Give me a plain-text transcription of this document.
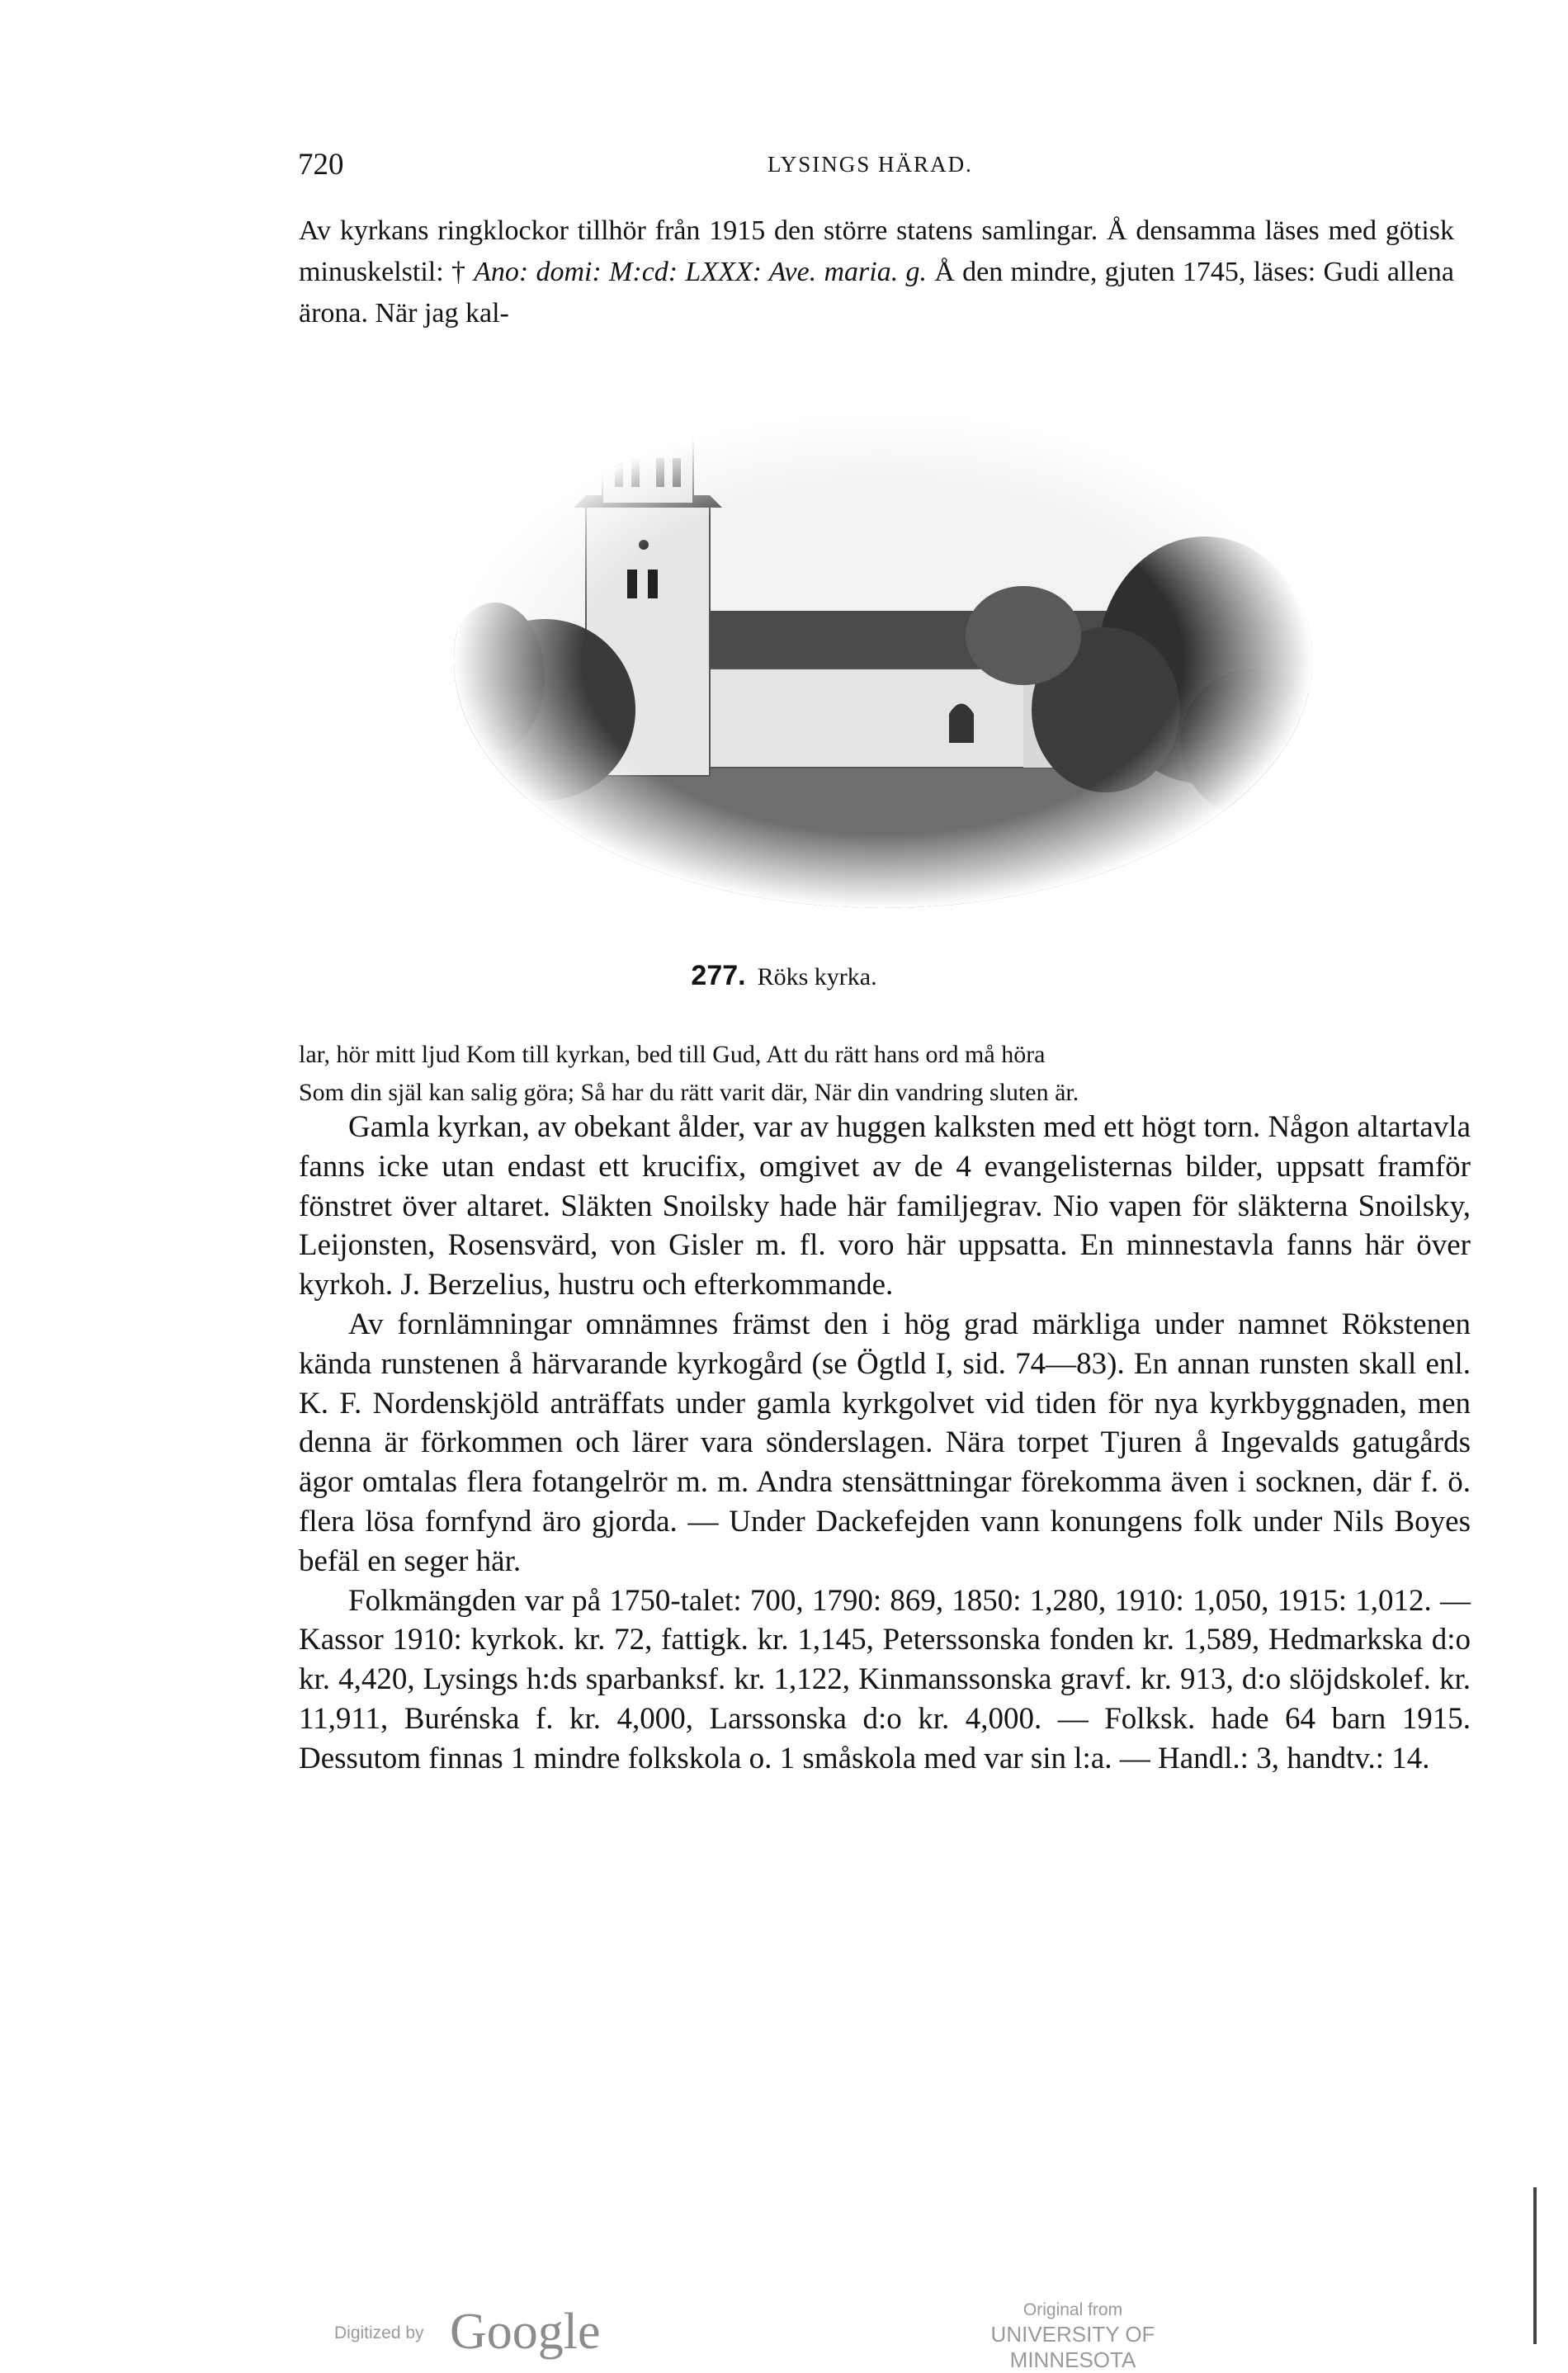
720	LYSINGS HÄRAD.

Av kyrkans ringklockor tillhör från 1915 den större statens samlingar. Å densamma läses med götisk minuskelstil: † Ano: domi: M:cd: LXXX: Ave. maria. g. Å den mindre, gjuten 1745, läses: Gudi allena ärona. När jag kal-

277. Röks kyrka.

lar, hör mitt ljud Kom till kyrkan, bed till Gud, Att du rätt hans ord må höra

Som din själ kan salig göra; Så har du rätt varit där, När din vandring sluten är.

Gamla kyrkan, av obekant ålder, var av huggen kalksten med ett högt torn. Någon altartavla fanns icke utan endast ett krucifix, omgivet av de 4 evangelisternas bilder, uppsatt framför fönstret över altaret. Släkten Snoilsky hade här familjegrav. Nio vapen för släkterna Snoilsky, Leijonsten, Rosensvärd, von Gisler m. fl. voro här uppsatta. En minnestavla fanns här över kyrkoh. J. Berzelius, hustru och efterkommande.

Av fornlämningar omnämnes främst den i hög grad märkliga under namnet Rökstenen kända runstenen å härvarande kyrkogård (se Ögtld I, sid. 74—83). En annan runsten skall enl. K. F. Nordenskjöld anträffats under gamla kyrkgolvet vid tiden för nya kyrkbyggnaden, men denna är förkommen och lärer vara sönderslagen. Nära torpet Tjuren å Ingevalds gatugårds ägor omtalas flera fotangelrör m. m. Andra stensättningar förekomma även i socknen, där f. ö. flera lösa fornfynd äro gjorda. — Under Dackefejden vann konungens folk under Nils Boyes befäl en seger här.

Folkmängden var på 1750-talet: 700, 1790: 869, 1850: 1,280, 1910: 1,050, 1915: 1,012. — Kassor 1910: kyrkok. kr. 72, fattigk. kr. 1,145, Peterssonska fonden kr. 1,589, Hedmarkska d:o kr. 4,420, Lysings h:ds sparbanksf. kr. 1,122, Kinmanssonska gravf. kr. 913, d:o slöjdskolef. kr. 11,911, Burénska f. kr. 4,000, Larssonska d:o kr. 4,000. — Folksk. hade 64 barn 1915. Dessutom finnas 1 mindre folkskola o. 1 småskola med var sin l:a. — Handl.: 3, handtv.: 14.

Digitized by Google	Original from
UNIVERSITY OF MINNESOTA
